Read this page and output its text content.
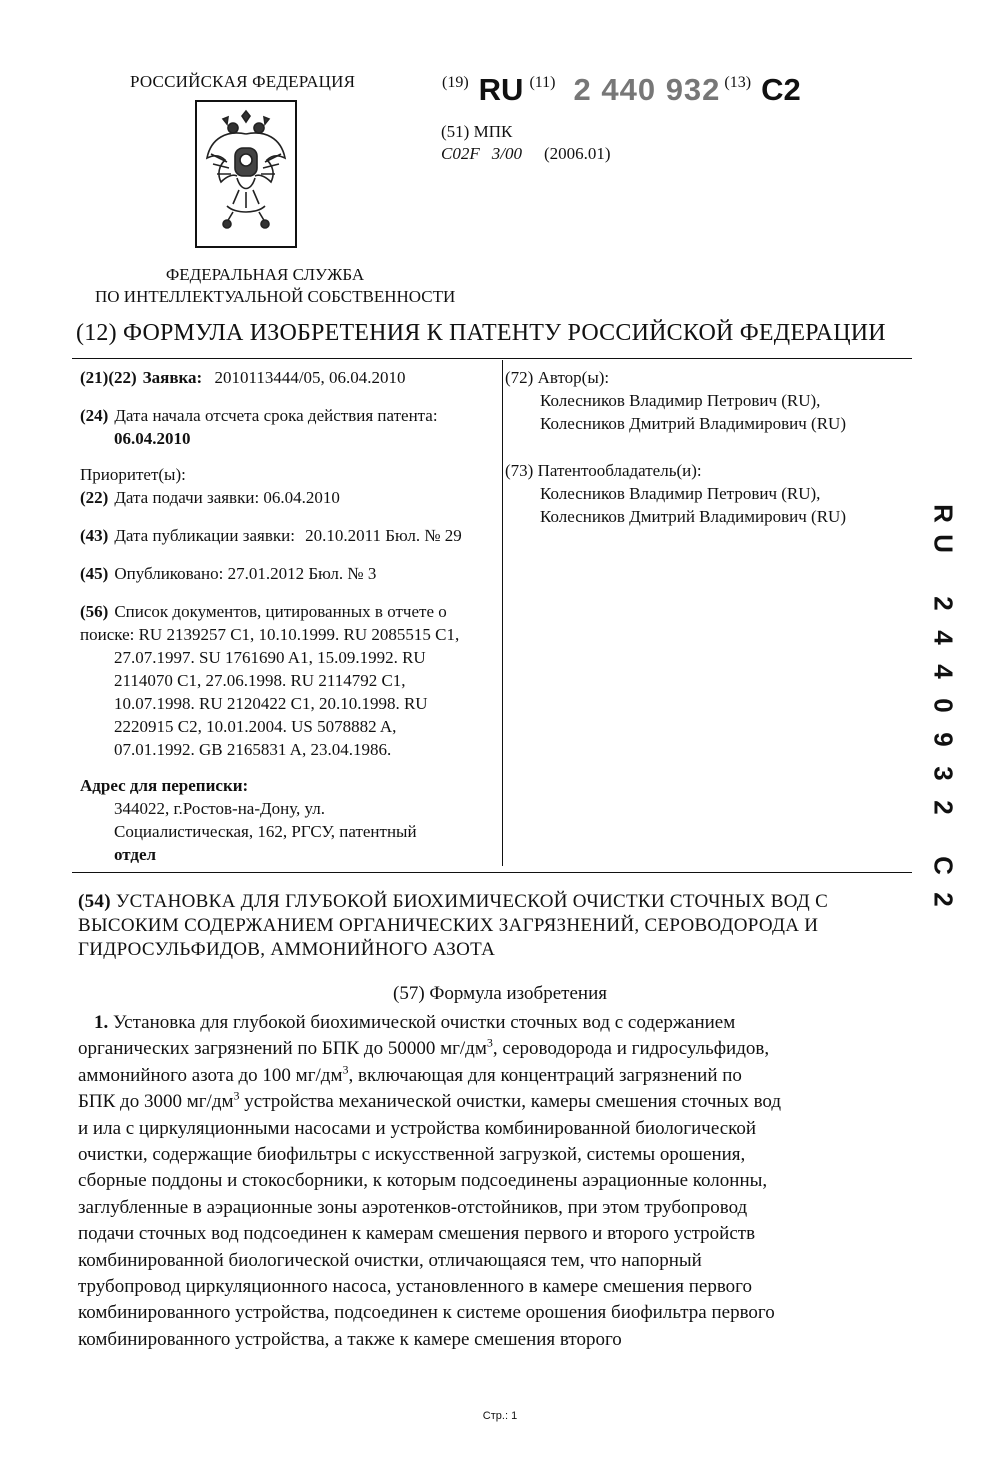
РОССИЙСКАЯ ФЕДЕРАЦИЯ
ФЕДЕРАЛЬНАЯ СЛУЖБА
ПО ИНТЕЛЛЕКТУАЛЬНОЙ СОБСТВЕННОСТИ
(19) RU (11) 2 440 932 (13) C2
(51) МПК
C02F 3/00 (2006.01)
(12) ФОРМУЛА ИЗОБРЕТЕНИЯ К ПАТЕНТУ РОССИЙСКОЙ ФЕДЕРАЦИИ
(21)(22) Заявка: 2010113444/05, 06.04.2010
(24) Дата начала отсчета срока действия патента:
06.04.2010
Приоритет(ы):
(22) Дата подачи заявки: 06.04.2010
(43) Дата публикации заявки: 20.10.2011 Бюл. № 29
(45) Опубликовано: 27.01.2012 Бюл. № 3
(56) Список документов, цитированных в отчете о
поиске: RU 2139257 C1, 10.10.1999. RU 2085515 C1,
27.07.1997. SU 1761690 A1, 15.09.1992. RU
2114070 C1, 27.06.1998. RU 2114792 C1,
10.07.1998. RU 2120422 C1, 20.10.1998. RU
2220915 C2, 10.01.2004. US 5078882 A,
07.01.1992. GB 2165831 A, 23.04.1986.
Адрес для переписки:
344022, г.Ростов-на-Дону, ул.
Социалистическая, 162, РГСУ, патентный
отдел
(72) Автор(ы):
Колесников Владимир Петрович (RU),
Колесников Дмитрий Владимирович (RU)
(73) Патентообладатель(и):
Колесников Владимир Петрович (RU),
Колесников Дмитрий Владимирович (RU)	R
U
2
4
4
0
9
3
2
C
2
(54) УСТАНОВКА ДЛЯ ГЛУБОКОЙ БИОХИМИЧЕСКОЙ ОЧИСТКИ СТОЧНЫХ ВОД С
ВЫСОКИМ СОДЕРЖАНИЕМ ОРГАНИЧЕСКИХ ЗАГРЯЗНЕНИЙ, СЕРОВОДОРОДА И
ГИДРОСУЛЬФИДОВ, АММОНИЙНОГО АЗОТА
(57) Формула изобретения
1. Установка для глубокой биохимической очистки сточных вод с содержанием
органических загрязнений по БПК до 50000 $мг/дм^3$, сероводорода и гидросульфидов,
аммонийного азота до 100 $мг/дм^3$, включающая для концентраций загрязнений по
БПК до 3000 $мг/дм^3$ устройства механической очистки, камеры смешения сточных вод
и ила с циркуляционными насосами и устройства комбинированной биологической
очистки, содержащие биофильтры с искусственной загрузкой, системы орошения,
сборные поддоны и стокосборники, к которым подсоединены аэрационные колонны,
заглубленные в аэрационные зоны аэротенков-отстойников, при этом трубопровод
подачи сточных вод подсоединен к камерам смешения первого и второго устройств
комбинированной биологической очистки, отличающаяся тем, что напорный
трубопровод циркуляционного насоса, установленного в камере смешения первого
комбинированного устройства, подсоединен к системе орошения биофильтра первого
комбинированного устройства, а также к камере смешения второго
Стр.: 1
